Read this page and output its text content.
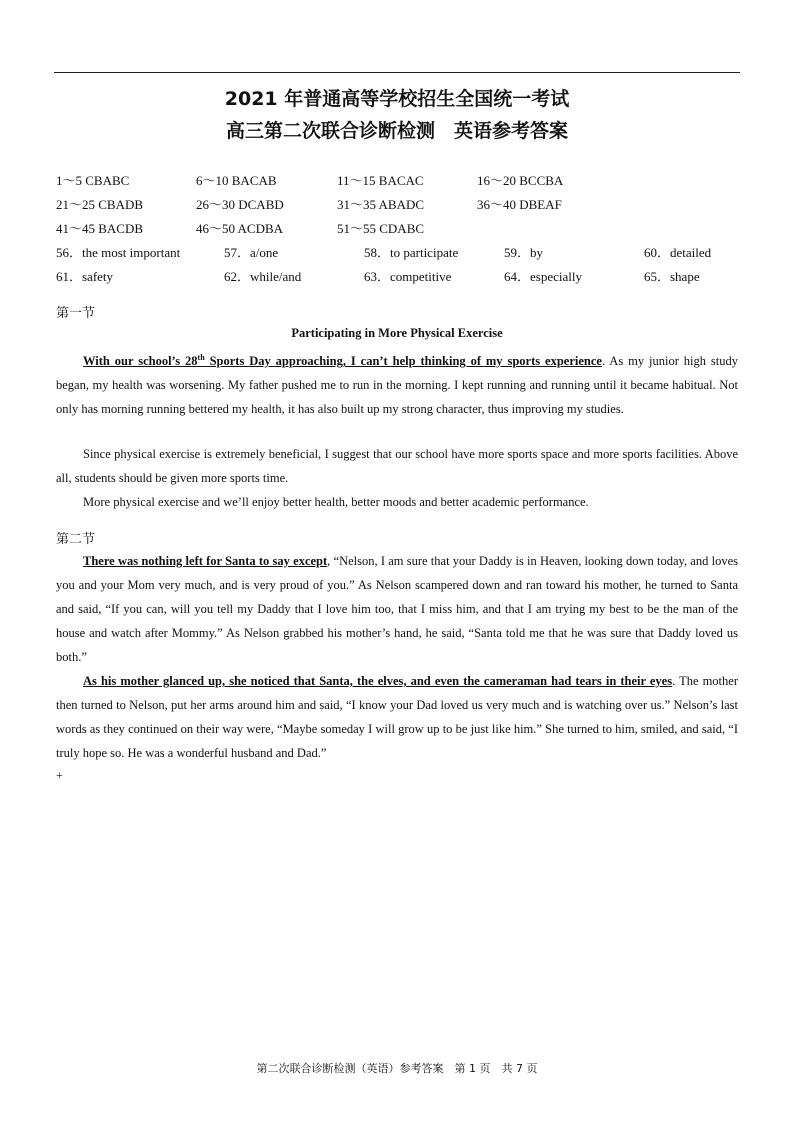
2021 年普通高等学校招生全国统一考试
高三第二次联合诊断检测　英语参考答案
1～5 CBABC	6～10 BACAB	11～15 BACAC	16～20 BCCBA
21～25 CBADB	26～30 DCABD	31～35 ABADC	36～40 DBEAF
41～45 BACDB	46～50 ACDBA	51～55 CDABC
56．the most important	57．a/one	58．to participate	59．by	60．detailed
61．safety	62．while/and	63．competitive	64．especially	65．shape
第一节
Participating in More Physical Exercise
With our school’s 28th Sports Day approaching, I can’t help thinking of my sports experience. As my junior high study began, my health was worsening. My father pushed me to run in the morning. I kept running and running until it became habitual. Not only has morning running bettered my health, it has also built up my strong character, thus improving my studies.
Since physical exercise is extremely beneficial, I suggest that our school have more sports space and more sports facilities. Above all, students should be given more sports time.
More physical exercise and we’ll enjoy better health, better moods and better academic performance.
第二节
There was nothing left for Santa to say except, “Nelson, I am sure that your Daddy is in Heaven, looking down today, and loves you and your Mom very much, and is very proud of you.” As Nelson scampered down and ran toward his mother, he turned to Santa and said, “If you can, will you tell my Daddy that I love him too, that I miss him, and that I am trying my best to be the man of the house and watch after Mommy.” As Nelson grabbed his mother’s hand, he said, “Santa told me that he was sure that Daddy loved us both.”
As his mother glanced up, she noticed that Santa, the elves, and even the cameraman had tears in their eyes. The mother then turned to Nelson, put her arms around him and said, “I know your Dad loved us very much and is watching over us.” Nelson’s last words as they continued on their way were, “Maybe someday I will grow up to be just like him.” She turned to him, smiled, and said, “I truly hope so. He was a wonderful husband and Dad.”
+
第二次联合诊断检测（英语）参考答案　第 1 页　共 7 页
